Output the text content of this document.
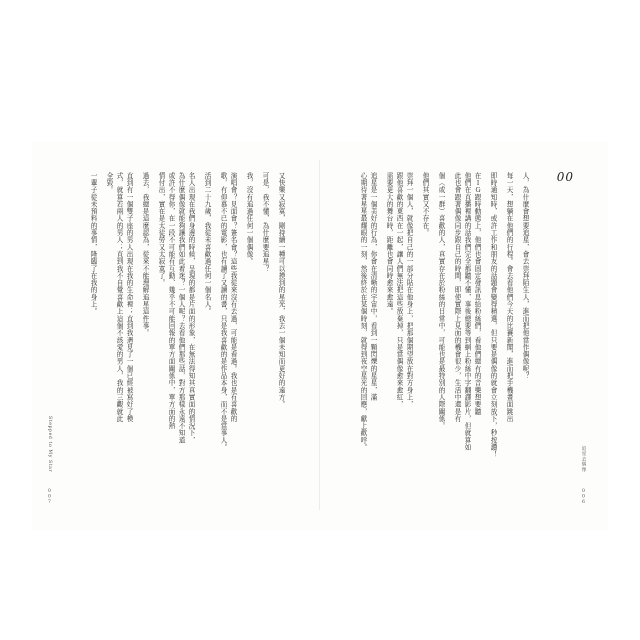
又快樂又寂寞，剛持續一種可以摸到的星光，我去一個未知而更好的遠方。
可是，我不懂，為什麼要追星？
我，沒有追過任何一個偶像。
演唱會？見面會？簽名會？這些我從來沒有去過，可能是看過。我也是有喜歡的
歌，有仰慕不已的電影，也有讀了又讀的書，只是我喜歡的是作品本身，而不是當事人。
活到二十九歲，我從未喜歡過任何一個名人。
名人出現在我們身邊的時候，呈現的都是片面的形象，在無法得知其真實面的情況下，
為什麼偶像就能夠讓我們如此着迷？一個人呢？去看他們那些話，對方那樣永遠不知道
或許不得你，在一段不可能有互動、幾乎不可能回報的單方面關係中，單方面的熱
情付出，實在是太徒勞又太寂寞了。
過去，我總是這麼認為，從來不能理解追星這件事。
直到有一個雙子座的男人出現在我的生命裡；直到我遇見了一個已經被寫好了模
式，就算若兩人的男人；直到我不自覺喜歡上這個不該愛的男人，我的三觀就此
全毀。
一輩子從未預料的事情，隆臨了在我的身上。
Stepped to My Star
007
00
人，為什麼會想要追星，會去崇拜陌生人，進而把他當作偶像呢？
每一天，想躺在他們的行程。會去看他們今天的比賽新聞，進而把手機畫面跳出
即時通知時，或許工作和朋友的話題會變得精選，但只要是偶像的就會立刻放下，秒按讚！
在ＩＧ跟時動態上，他們也會固定發訊息給粉絲們，看他們總有的音樂想要聽
他們在直播裡講的話我們完全都聽不懂，事後總要等到網上粉絲中字翻譯影片，但就算如
此也會跟著偶像同步跟自己的時間，即使實際上見面的機會很少，生活中還是有
個（或一群）喜歡的人，真實存在於粉絲的日常中，可能也是最特別的人際關係。
他們其實又不存在。
崇拜一個人，就像把自己的一部分貼在他身上，把那個期望放在對方身上，
跟他喜歡的東西在一起，讓人們無法把這些放棄掉，只是當偶像愈來愈紅，
需要更大的舞台時，距離也會同時愈來愈遠。
追星是一個美好的行為，你會在清晰的宇宙中，看到一顆閃爍的星星，滿
心期待著星星最耀眼的一刻，然後終於在某個時刻，就得到夜空星光的回應，獻上歡呼。
追星去偶像
006
